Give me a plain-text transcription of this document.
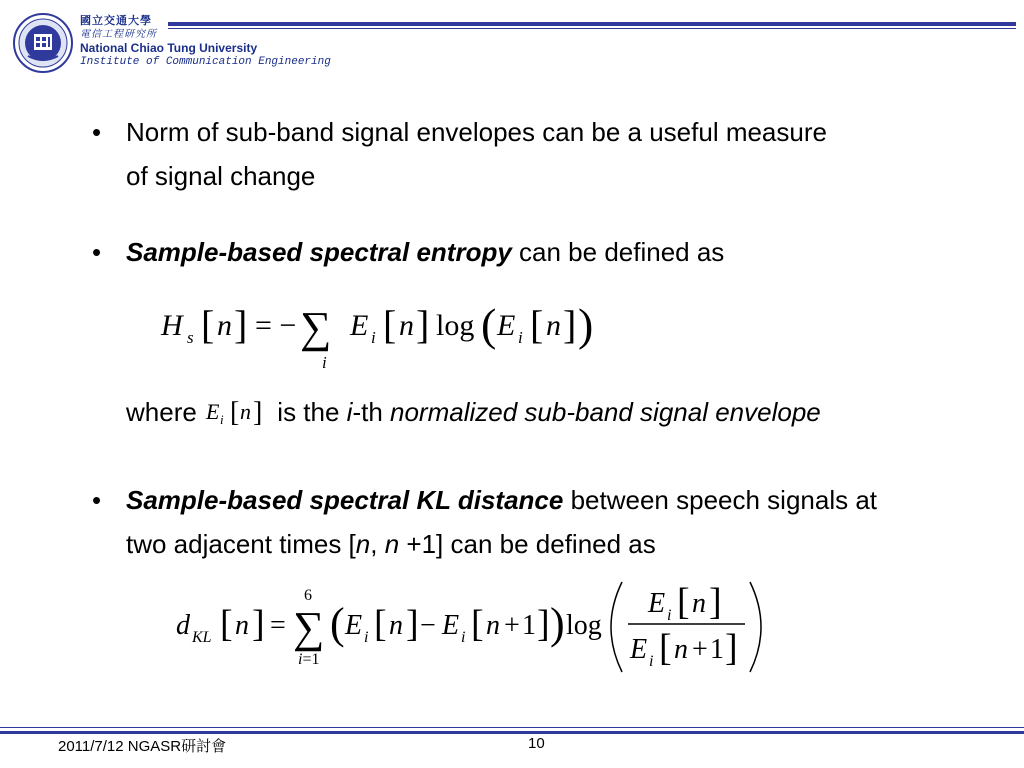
國立交通大學
電信工程研究所
National Chiao Tung University
Institute of Communication Engineering
• Norm of sub-band signal envelopes can be a useful measure
of signal change
• Sample-based spectral entropy can be defined as
H s [ n ] = − ∑
i
E i [ n ] log ( E i [ n ] )
where E i [ n ] is the i-th normalized sub-band signal envelope
• Sample-based spectral KL distance between speech signals at
two adjacent times [n, n +1] can be defined as
d KL [ n ] =
6
∑
i=1
( E i [ n ] − E i [ n + 1 ] ) log
E i [ n ]
E i [ n + 1 ]
2011/7/12 NGASR研討會	10
